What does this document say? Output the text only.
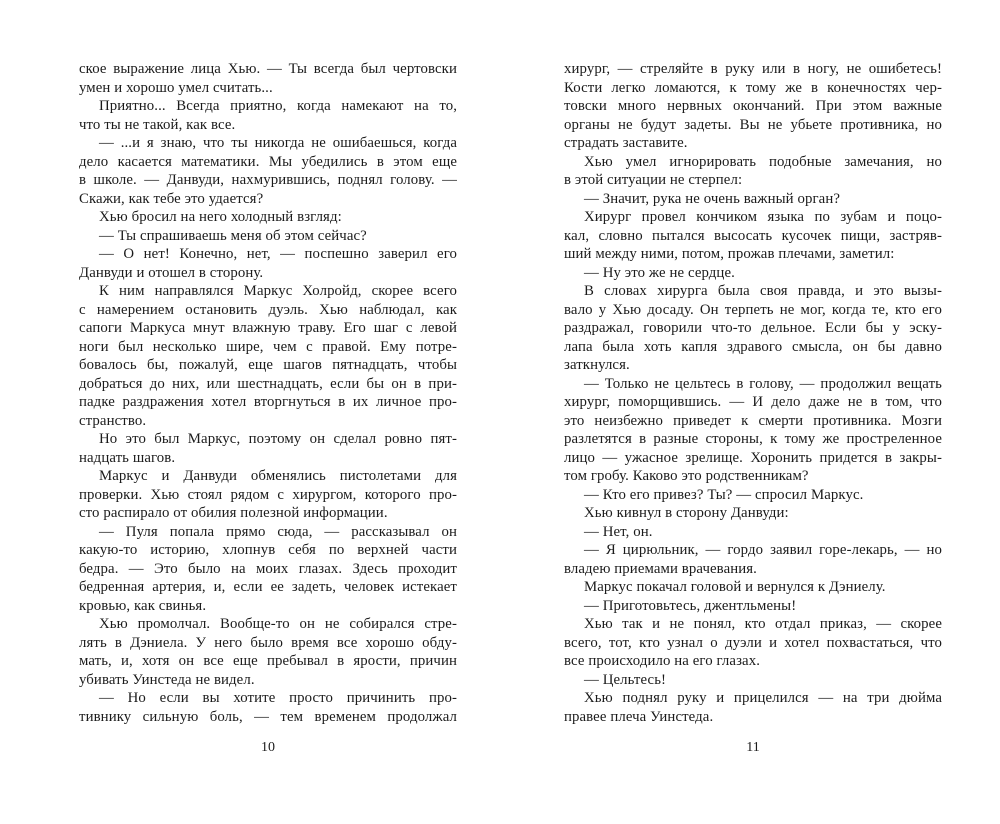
ское выражение лица Хью. — Ты всегда был чертовски
умен и хорошо умел считать...
Приятно... Всегда приятно, когда намекают на то,
что ты не такой, как все.
— ...и я знаю, что ты никогда не ошибаешься, когда
дело касается математики. Мы убедились в этом еще
в школе. — Данвуди, нахмурившись, поднял голову. —
Скажи, как тебе это удается?
Хью бросил на него холодный взгляд:
— Ты спрашиваешь меня об этом сейчас?
— О нет! Конечно, нет, — поспешно заверил его
Данвуди и отошел в сторону.
К ним направлялся Маркус Холройд, скорее всего
с намерением остановить дуэль. Хью наблюдал, как
сапоги Маркуса мнут влажную траву. Его шаг с левой
ноги был несколько шире, чем с правой. Ему потре-
бовалось бы, пожалуй, еще шагов пятнадцать, чтобы
добраться до них, или шестнадцать, если бы он в при-
падке раздражения хотел вторгнуться в их личное про-
странство.
Но это был Маркус, поэтому он сделал ровно пят-
надцать шагов.
Маркус и Данвуди обменялись пистолетами для
проверки. Хью стоял рядом с хирургом, которого про-
сто распирало от обилия полезной информации.
— Пуля попала прямо сюда, — рассказывал он
какую-то историю, хлопнув себя по верхней части
бедра. — Это было на моих глазах. Здесь проходит
бедренная артерия, и, если ее задеть, человек истекает
кровью, как свинья.
Хью промолчал. Вообще-то он не собирался стре-
лять в Дэниела. У него было время все хорошо обду-
мать, и, хотя он все еще пребывал в ярости, причин
убивать Уинстеда не видел.
— Но если вы хотите просто причинить про-
тивнику сильную боль, — тем временем продолжал
10
хирург, — стреляйте в руку или в ногу, не ошибетесь!
Кости легко ломаются, к тому же в конечностях чер-
товски много нервных окончаний. При этом важные
органы не будут задеты. Вы не убьете противника, но
страдать заставите.
Хью умел игнорировать подобные замечания, но
в этой ситуации не стерпел:
— Значит, рука не очень важный орган?
Хирург провел кончиком языка по зубам и поцо-
кал, словно пытался высосать кусочек пищи, застряв-
ший между ними, потом, прожав плечами, заметил:
— Ну это же не сердце.
В словах хирурга была своя правда, и это вызы-
вало у Хью досаду. Он терпеть не мог, когда те, кто его
раздражал, говорили что-то дельное. Если бы у эску-
лапа была хоть капля здравого смысла, он бы давно
заткнулся.
— Только не цельтесь в голову, — продолжил вещать
хирург, поморщившись. — И дело даже не в том, что
это неизбежно приведет к смерти противника. Мозги
разлетятся в разные стороны, к тому же простреленное
лицо — ужасное зрелище. Хоронить придется в закры-
том гробу. Каково это родственникам?
— Кто его привез? Ты? — спросил Маркус.
Хью кивнул в сторону Данвуди:
— Нет, он.
— Я цирюльник, — гордо заявил горе-лекарь, — но
владею приемами врачевания.
Маркус покачал головой и вернулся к Дэниелу.
— Приготовьтесь, джентльмены!
Хью так и не понял, кто отдал приказ, — скорее
всего, тот, кто узнал о дуэли и хотел похвастаться, что
все происходило на его глазах.
— Цельтесь!
Хью поднял руку и прицелился — на три дюйма
правее плеча Уинстеда.
11
